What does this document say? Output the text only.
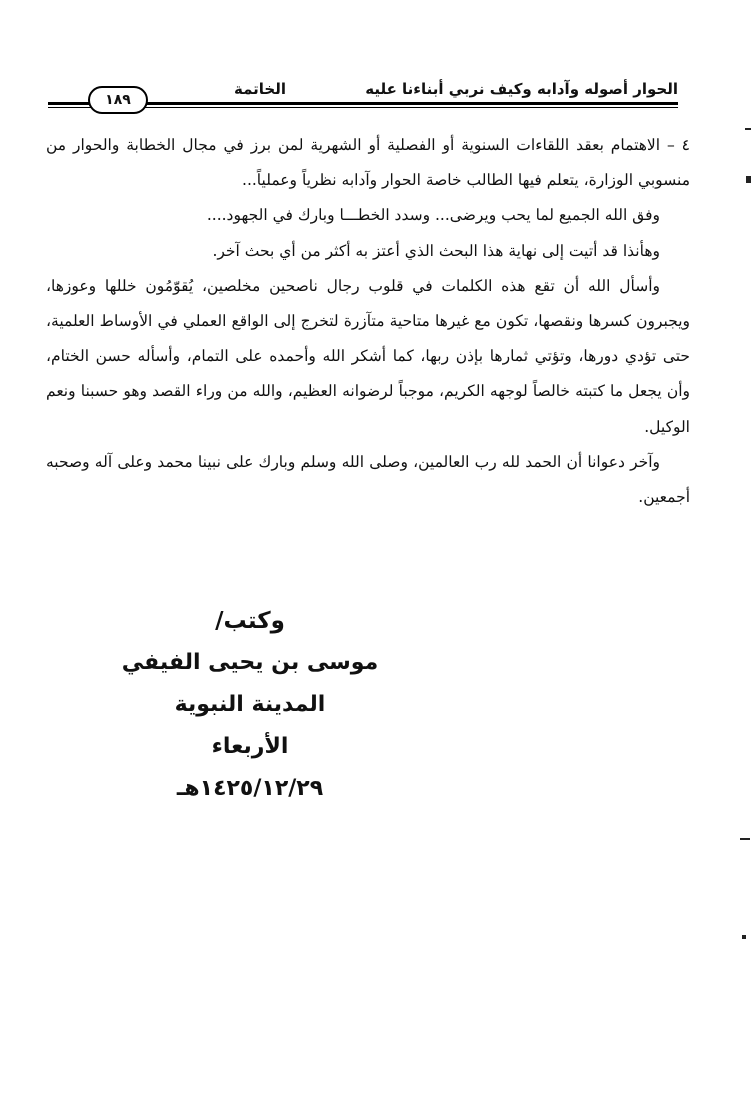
الحوار أصوله وآدابه وكيف نربي أبناءنا عليه
الخاتمة
١٨٩

٤ – الاهتمام بعقد اللقاءات السنوية أو الفصلية أو الشهرية لمن برز في مجال الخطابة والحوار من منسوبي الوزارة، يتعلم فيها الطالب خاصة الحوار وآدابه نظرياً وعملياً...

وفق الله الجميع لما يحب ويرضى... وسدد الخطـــا وبارك في الجهود....

وهأنذا قد أتيت إلى نهاية هذا البحث الذي أعتز به أكثر من أي بحث آخر.

وأسأل الله أن تقع هذه الكلمات في قلوب رجال ناصحين مخلصين، يُقوّمُون خللها وعوزها، ويجبرون كسرها ونقصها، تكون مع غيرها متاحية متآزرة لتخرج إلى الواقع العملي في الأوساط العلمية، حتى تؤدي دورها، وتؤتي ثمارها بإذن ربها، كما أشكر الله وأحمده على التمام، وأسأله حسن الختام، وأن يجعل ما كتبته خالصاً لوجهه الكريم، موجباً لرضوانه العظيم، والله من وراء القصد وهو حسبنا ونعم الوكيل.

وآخر دعوانا أن الحمد لله رب العالمين، وصلى الله وسلم وبارك على نبينا محمد وعلى آله وصحبه أجمعين.

وكتب/
موسى بن يحيى الفيفي
المدينة النبوية
الأربعاء
١٤٢٥/١٢/٢٩هـ
